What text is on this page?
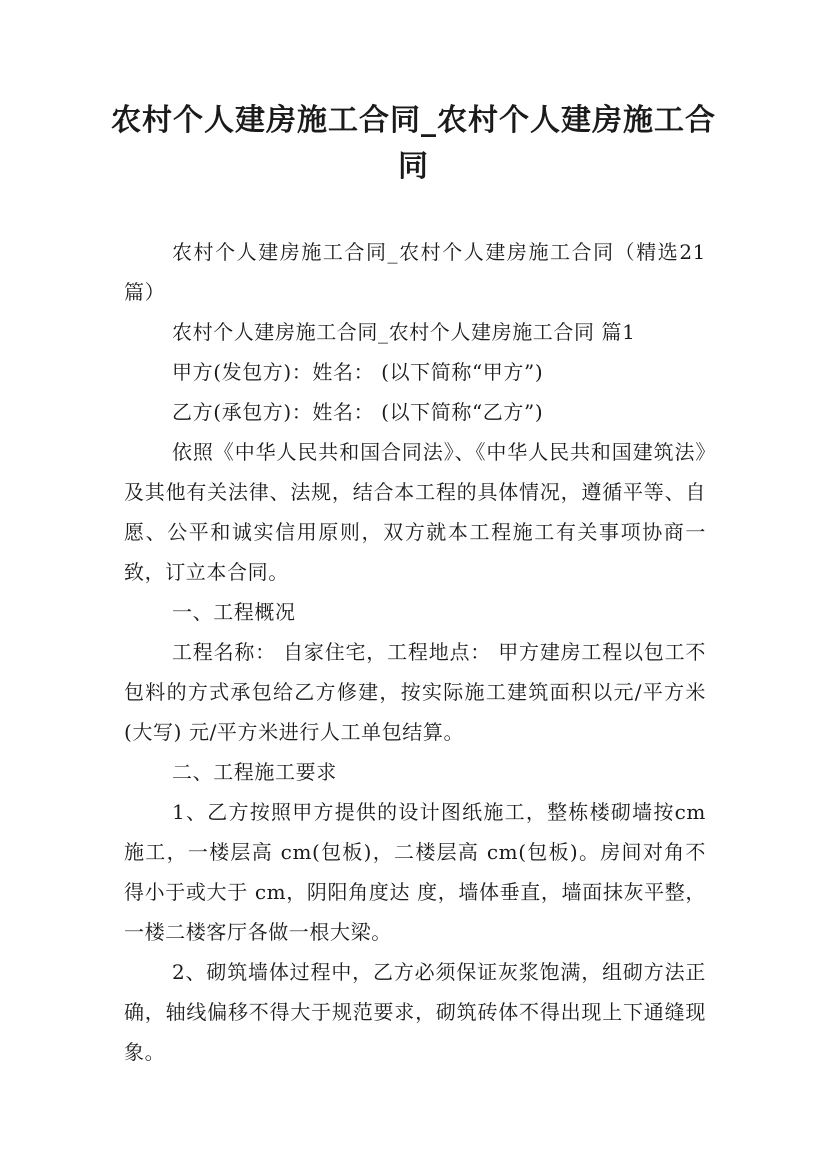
农村个人建房施工合同_农村个人建房施工合同

农村个人建房施工合同_农村个人建房施工合同（精选21篇）

农村个人建房施工合同_农村个人建房施工合同 篇1

甲方(发包方)：姓名： (以下简称“甲方”)

乙方(承包方)：姓名： (以下简称“乙方”)

依照《中华人民共和国合同法》、《中华人民共和国建筑法》及其他有关法律、法规，结合本工程的具体情况，遵循平等、自愿、公平和诚实信用原则，双方就本工程施工有关事项协商一致，订立本合同。

一、工程概况

工程名称： 自家住宅，工程地点： 甲方建房工程以包工不包料的方式承包给乙方修建，按实际施工建筑面积以元/平方米(大写) 元/平方米进行人工单包结算。

二、工程施工要求

1、乙方按照甲方提供的设计图纸施工，整栋楼砌墙按cm施工，一楼层高 cm(包板)，二楼层高 cm(包板)。房间对角不得小于或大于 cm，阴阳角度达 度，墙体垂直，墙面抹灰平整，一楼二楼客厅各做一根大梁。

2、砌筑墙体过程中，乙方必须保证灰浆饱满，组砌方法正确，轴线偏移不得大于规范要求，砌筑砖体不得出现上下通缝现象。
